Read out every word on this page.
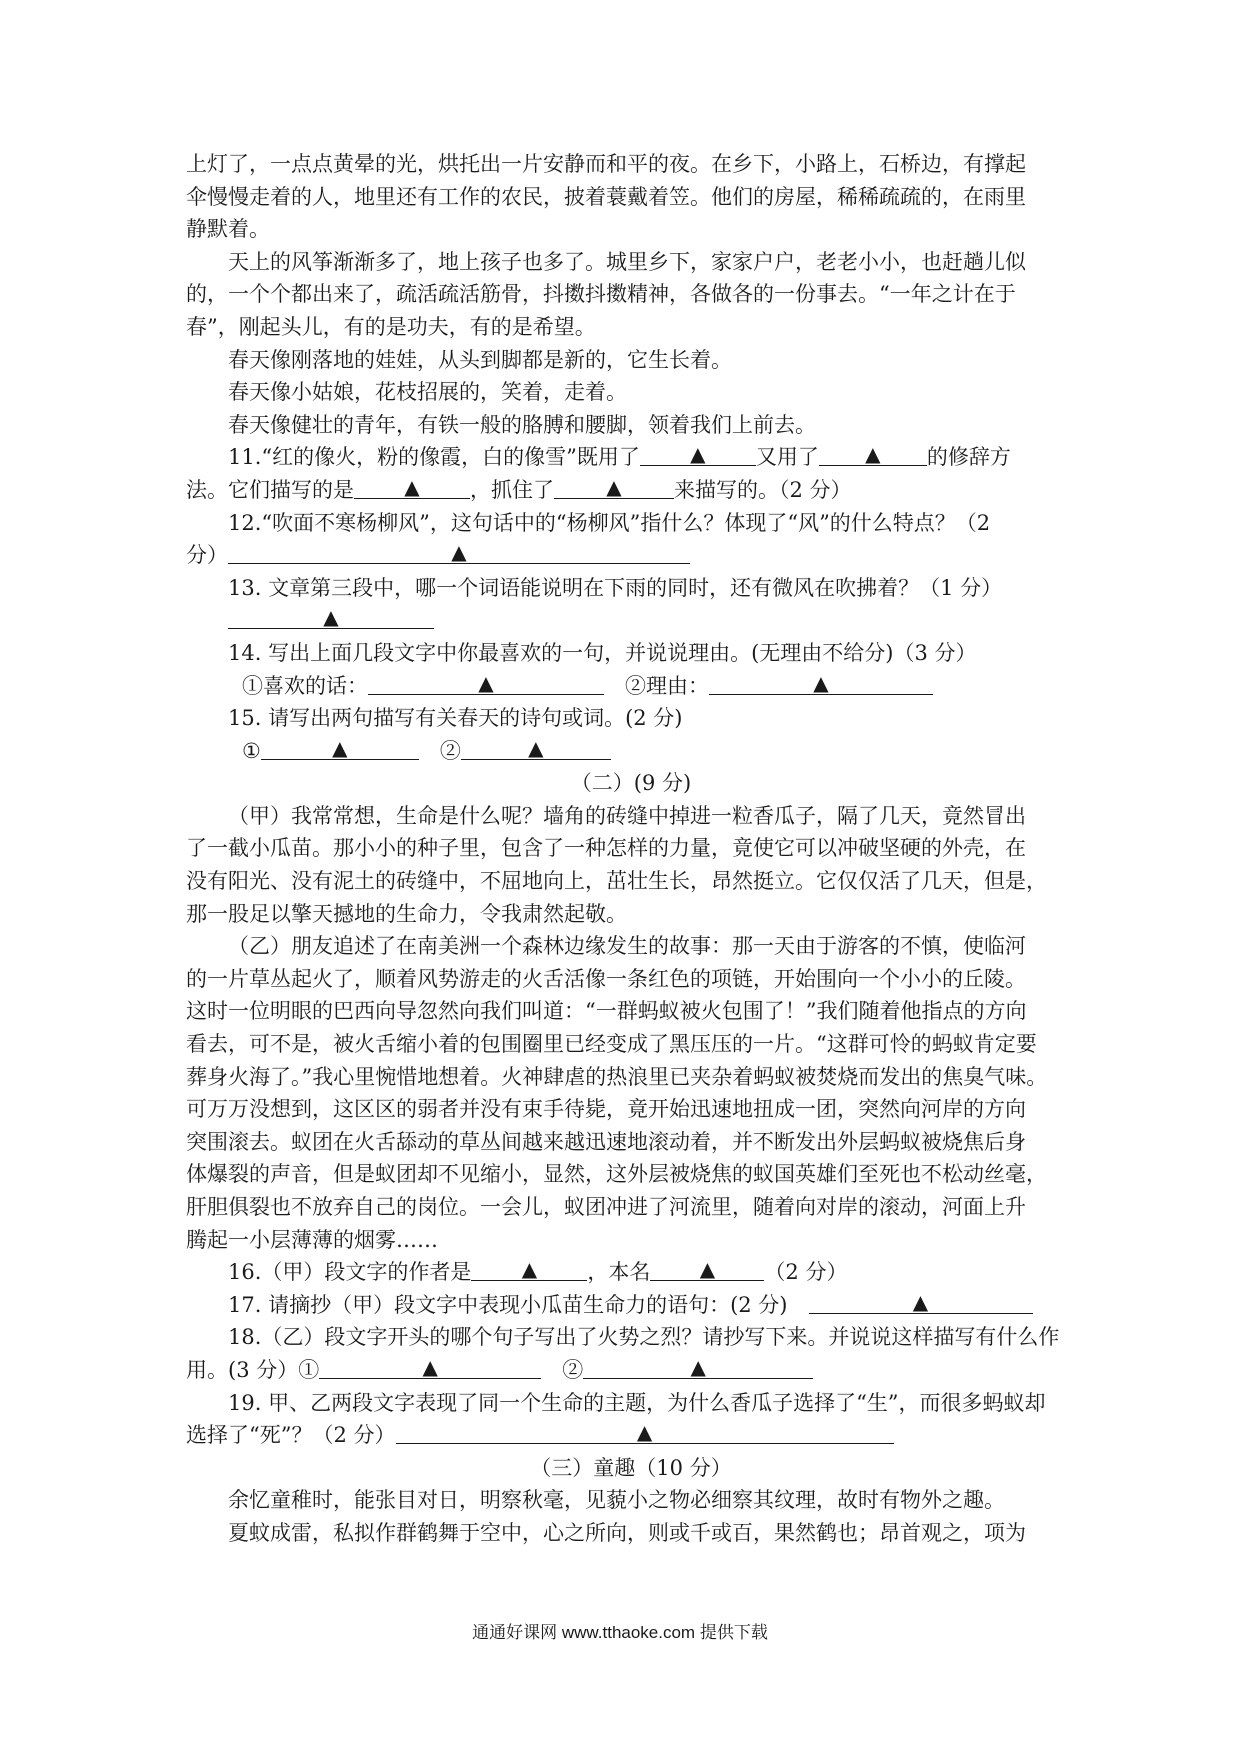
上灯了，一点点黄晕的光，烘托出一片安静而和平的夜。在乡下，小路上，石桥边，有撑起
伞慢慢走着的人，地里还有工作的农民，披着蓑戴着笠。他们的房屋，稀稀疏疏的，在雨里
静默着。
天上的风筝渐渐多了，地上孩子也多了。城里乡下，家家户户，老老小小，也赶趟儿似
的，一个个都出来了，疏活疏活筋骨，抖擞抖擞精神，各做各的一份事去。“一年之计在于
春”，刚起头儿，有的是功夫，有的是希望。
春天像刚落地的娃娃，从头到脚都是新的，它生长着。
春天像小姑娘，花枝招展的，笑着，走着。
春天像健壮的青年，有铁一般的胳膊和腰脚，领着我们上前去。
11.“红的像火，粉的像霞，白的像雪”既用了	▲ 又用了 ▲ 的修辞方
法。它们描写的是	▲ ，抓住了	▲ 来描写的。（2 分）
12.“吹面不寒杨柳风”，这句话中的“杨柳风”指什么？体现了“风”的什么特点？（2
分）	▲
13. 文章第三段中，哪一个词语能说明在下雨的同时，还有微风在吹拂着？（1 分）
▲
14. 写出上面几段文字中你最喜欢的一句，并说说理由。(无理由不给分)（3 分）
①喜欢的话：	▲	　②理由：	▲
15. 请写出两句描写有关春天的诗句或词。(2 分)
①	▲	　②	▲
（二）(9 分)
（甲）我常常想，生命是什么呢？墙角的砖缝中掉进一粒香瓜子，隔了几天，竟然冒出
了一截小瓜苗。那小小的种子里，包含了一种怎样的力量，竟使它可以冲破坚硬的外壳，在
没有阳光、没有泥土的砖缝中，不屈地向上，茁壮生长，昂然挺立。它仅仅活了几天，但是，
那一股足以擎天撼地的生命力，令我肃然起敬。
（乙）朋友追述了在南美洲一个森林边缘发生的故事：那一天由于游客的不慎，使临河
的一片草丛起火了，顺着风势游走的火舌活像一条红色的项链，开始围向一个小小的丘陵。
这时一位明眼的巴西向导忽然向我们叫道：“一群蚂蚁被火包围了！”我们随着他指点的方向
看去，可不是，被火舌缩小着的包围圈里已经变成了黑压压的一片。“这群可怜的蚂蚁肯定要
葬身火海了。”我心里惋惜地想着。火神肆虐的热浪里已夹杂着蚂蚁被焚烧而发出的焦臭气味。
可万万没想到，这区区的弱者并没有束手待毙，竟开始迅速地扭成一团，突然向河岸的方向
突围滚去。蚁团在火舌舔动的草丛间越来越迅速地滚动着，并不断发出外层蚂蚁被烧焦后身
体爆裂的声音，但是蚁团却不见缩小，显然，这外层被烧焦的蚁国英雄们至死也不松动丝毫，
肝胆俱裂也不放弃自己的岗位。一会儿，蚁团冲进了河流里，随着向对岸的滚动，河面上升
腾起一小层薄薄的烟雾……
16.（甲）段文字的作者是	▲ ，本名 ▲ （2 分）
17. 请摘抄（甲）段文字中表现小瓜苗生命力的语句：(2 分)　	▲
18.（乙）段文字开头的哪个句子写出了火势之烈？请抄写下来。并说说这样描写有什么作
用。(3 分）①	▲	　②	▲
19. 甲、乙两段文字表现了同一个生命的主题，为什么香瓜子选择了“生”，而很多蚂蚁却
选择了“死”？（2 分）	▲
（三）童趣（10 分）
余忆童稚时，能张目对日，明察秋毫，见藐小之物必细察其纹理，故时有物外之趣。
夏蚊成雷，私拟作群鹤舞于空中，心之所向，则或千或百，果然鹤也；昂首观之，项为
通通好课网 www.tthaoke.com 提供下载
